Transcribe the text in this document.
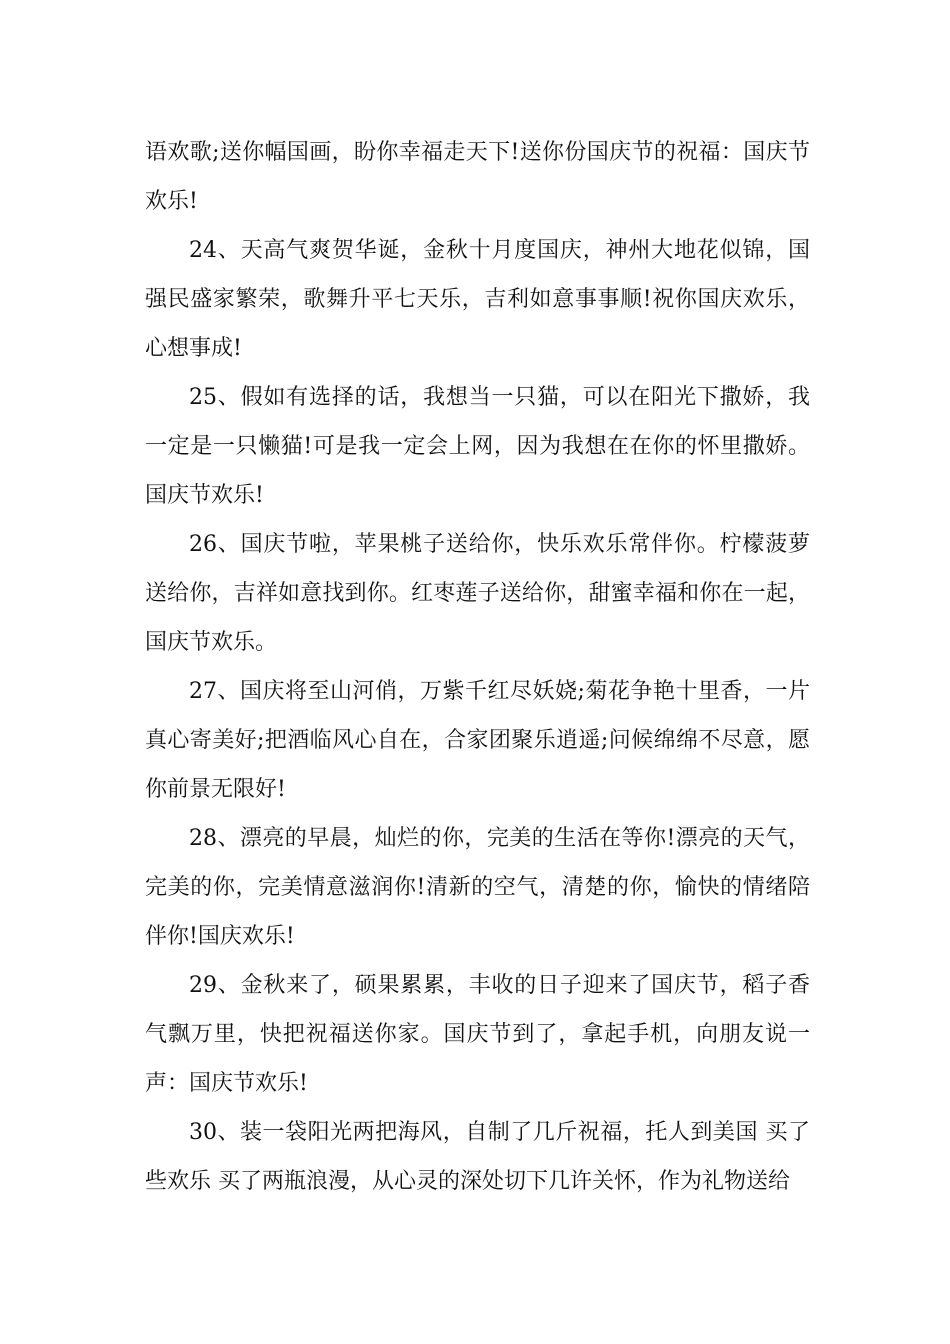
语欢歌;送你幅国画，盼你幸福走天下!送你份国庆节的祝福：国庆节欢乐!

24、天高气爽贺华诞，金秋十月度国庆，神州大地花似锦，国强民盛家繁荣，歌舞升平七天乐，吉利如意事事顺!祝你国庆欢乐，心想事成!

25、假如有选择的话，我想当一只猫，可以在阳光下撒娇，我一定是一只懒猫!可是我一定会上网，因为我想在在你的怀里撒娇。国庆节欢乐!

26、国庆节啦，苹果桃子送给你，快乐欢乐常伴你。柠檬菠萝送给你，吉祥如意找到你。红枣莲子送给你，甜蜜幸福和你在一起，国庆节欢乐。

27、国庆将至山河俏，万紫千红尽妖娆;菊花争艳十里香，一片真心寄美好;把酒临风心自在，合家团聚乐逍遥;问候绵绵不尽意，愿你前景无限好!

28、漂亮的早晨，灿烂的你，完美的生活在等你!漂亮的天气，完美的你，完美情意滋润你!清新的空气，清楚的你，愉快的情绪陪伴你!国庆欢乐!

29、金秋来了，硕果累累，丰收的日子迎来了国庆节，稻子香气飘万里，快把祝福送你家。国庆节到了，拿起手机，向朋友说一声：国庆节欢乐!

30、装一袋阳光两把海风，自制了几斤祝福，托人到美国 买了些欢乐 买了两瓶浪漫，从心灵的深处切下几许关怀，作为礼物送给
